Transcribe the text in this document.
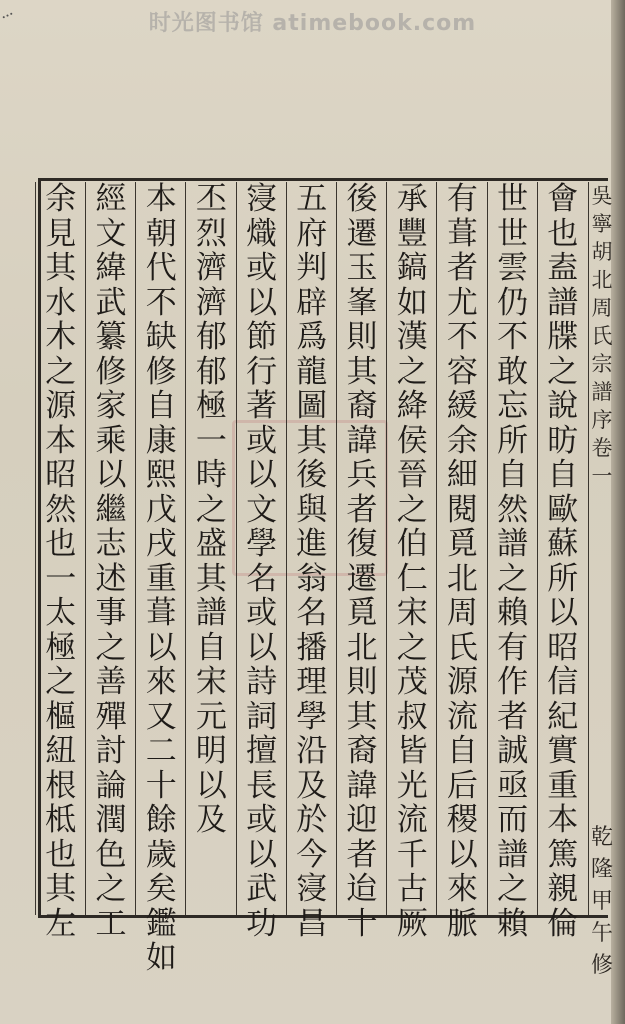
•••	时光图书馆 atimebook.com
會
也
盍
譜
牒
之
說
昉
自
歐
蘇
所
以
昭
信
紀
實
重
本
篤
親
倫
世
世
雲
仍
不
敢
忘
所
自
然
譜
之
賴
有
作
者
誠
亟
而
譜
之
賴
有
葺
者
尤
不
容
緩
余
細
閱
覓
北
周
氏
源
流
自
后
稷
以
來
脈
承
豐
鎬
如
漢
之
絳
侯
晉
之
伯
仁
宋
之
茂
叔
皆
光
流
千
古
厥
後
遷
玉
峯
則
其
裔
諱
兵
者
復
遷
覓
北
則
其
裔
諱
迎
者
迨
十
五
府
判
辟
爲
龍
圖
其
後
與
進
翁
名
播
理
學
沿
及
於
今
寖
昌
寖
熾
或
以
節
行
著
或
以
文
學
名
或
以
詩
詞
擅
長
或
以
武
功
丕
烈
濟
濟
郁
郁
極
一
時
之
盛
其
譜
自
宋
元
明
以
及
本
朝
代
不
缺
修
自
康
熙
戊
戌
重
葺
以
來
又
二
十
餘
歲
矣
鑑
如
經
文
緯
武
纂
修
家
乘
以
繼
志
述
事
之
善
殫
討
論
潤
色
之
工
余
見
其
水
木
之
源
本
昭
然
也
一
太
極
之
樞
紐
根
柢
也
其
左
吳
寧
胡
北
周
氏
宗
譜
序
卷
一
乾
隆
甲
午
修
